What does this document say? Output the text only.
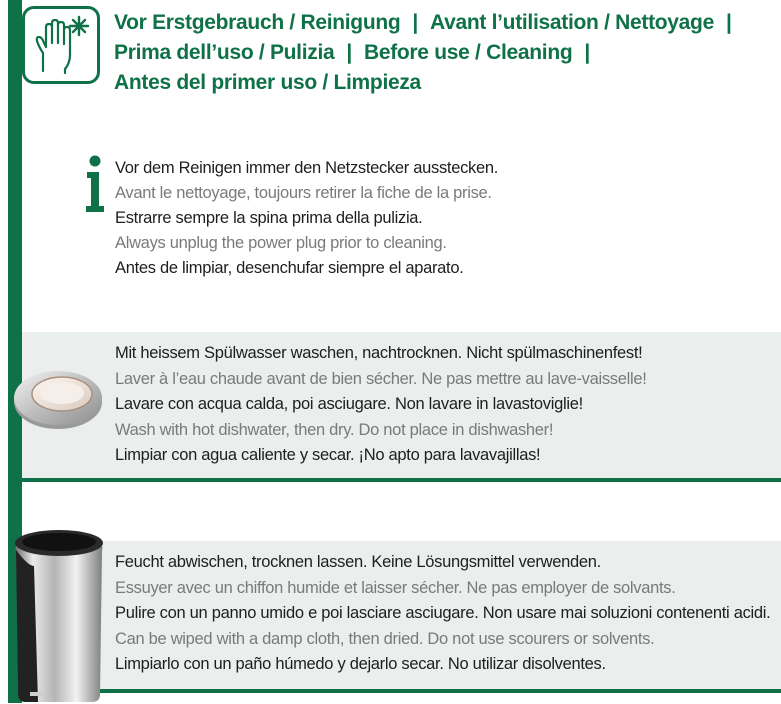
Vor Erstgebrauch / Reinigung | Avant l’utilisation / Nettoyage |
Prima dell’uso / Pulizia | Before use / Cleaning |
Antes del primer uso / Limpieza
Vor dem Reinigen immer den Netzstecker ausstecken.
Avant le nettoyage, toujours retirer la fiche de la prise.
Estrarre sempre la spina prima della pulizia.
Always unplug the power plug prior to cleaning.
Antes de limpiar, desenchufar siempre el aparato.
Mit heissem Spülwasser waschen, nachtrocknen. Nicht spülmaschinenfest!
Laver à l’eau chaude avant de bien sécher. Ne pas mettre au lave-vaisselle!
Lavare con acqua calda, poi asciugare. Non lavare in lavastoviglie!
Wash with hot dishwater, then dry. Do not place in dishwasher!
Limpiar con agua caliente y secar. ¡No apto para lavavajillas!
Feucht abwischen, trocknen lassen. Keine Lösungsmittel verwenden.
Essuyer avec un chiffon humide et laisser sécher. Ne pas employer de solvants.
Pulire con un panno umido e poi lasciare asciugare. Non usare mai soluzioni contenenti acidi.
Can be wiped with a damp cloth, then dried. Do not use scourers or solvents.
Limpiarlo con un paño húmedo y dejarlo secar. No utilizar disolventes.
